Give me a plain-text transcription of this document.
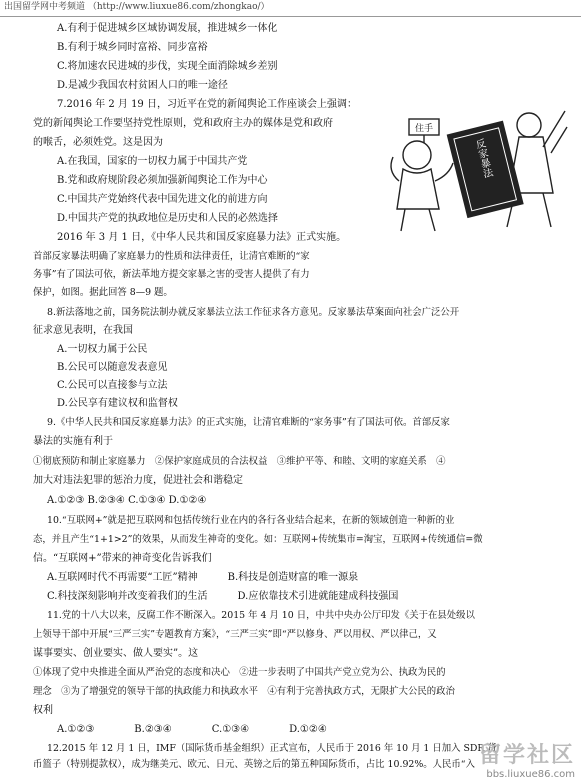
出国留学网中考频道 （http://www.liuxue86.com/zhongkao/）
A.有利于促进城乡区域协调发展，推进城乡一体化
B.有利于城乡同时富裕、同步富裕
C.将加速农民进城的步伐，实现全面消除城乡差别
D.是减少我国农村贫困人口的唯一途径
7.2016 年 2 月 19 日，习近平在党的新闻舆论工作座谈会上强调：
党的新闻舆论工作要坚持党性原则，党和政府主办的媒体是党和政府
的喉舌，必须姓党。这是因为
A.在我国，国家的一切权力属于中国共产党
B.党和政府规阶段必须加强新闻舆论工作为中心
C.中国共产党始终代表中国先进文化的前进方向
D.中国共产党的执政地位是历史和人民的必然选择
2016 年 3 月 1 日，《中华人民共和国反家庭暴力法》正式实施。
首部反家暴法明确了家庭暴力的性质和法律责任，让清官难断的“家
务事”有了国法可依，新法革地方提交家暴之害的受害人提供了有力
保护，如图。据此回答 8—9 题。
8.新法落地之前，国务院法制办就反家暴法立法工作征求各方意见。反家暴法草案面向社会广泛公开
征求意见表明，在我国
A.一切权力属于公民
B.公民可以随意发表意见
C.公民可以直接参与立法
D.公民享有建议权和监督权
9.《中华人民共和国反家庭暴力法》的正式实施，让清官难断的“家务事”有了国法可依。首部反家
暴法的实施有利于
①彻底预防和制止家庭暴力　②保护家庭成员的合法权益　③维护平等、和睦、文明的家庭关系　④
加大对违法犯罪的惩治力度，促进社会和谐稳定
A.①②③ B.②③④ C.①③④ D.①②④
10.“互联网+”就是把互联网和包括传统行业在内的各行各业结合起来，在新的领域创造一种新的业
态，并且产生“1+1>2”的效果，从而发生神奇的变化。如：互联网+传统集市=淘宝，互联网+传统通信=微
信。“互联网+”带来的神奇变化告诉我们
A.互联网时代不再需要“工匠”精神　　　B.科技是创造财富的唯一源泉
C.科技深刻影响并改变着我们的生活　　　D.应依靠技术引进就能建成科技强国
11.党的十八大以来，反腐工作不断深入。2015 年 4 月 10 日，中共中央办公厅印发《关于在县处级以
上领导干部中开展“三严三实”专题教育方案》，“三严三实”即“严以修身、严以用权、严以律己，又
谋事要实、创业要实、做人要实”。这
①体现了党中央推进全面从严治党的态度和决心　②进一步表明了中国共产党立党为公、执政为民的
理念　③为了增强党的领导干部的执政能力和执政水平　④有利于完善执政方式，无限扩大公民的政治
权利
A.①②③　　　　B.②③④　　　　C.①③④　　　　D.①②④
12.2015 年 12 月 1 日，IMF（国际货币基金组织）正式宣布，人民币于 2016 年 10 月 1 日加入 SDR 货
币篮子（特别提款权），成为继美元、欧元、日元、英镑之后的第五种国际货币，占比 10.92%。人民币“入
反家暴法
住手
留学社区
bbs.liuxue86.com
